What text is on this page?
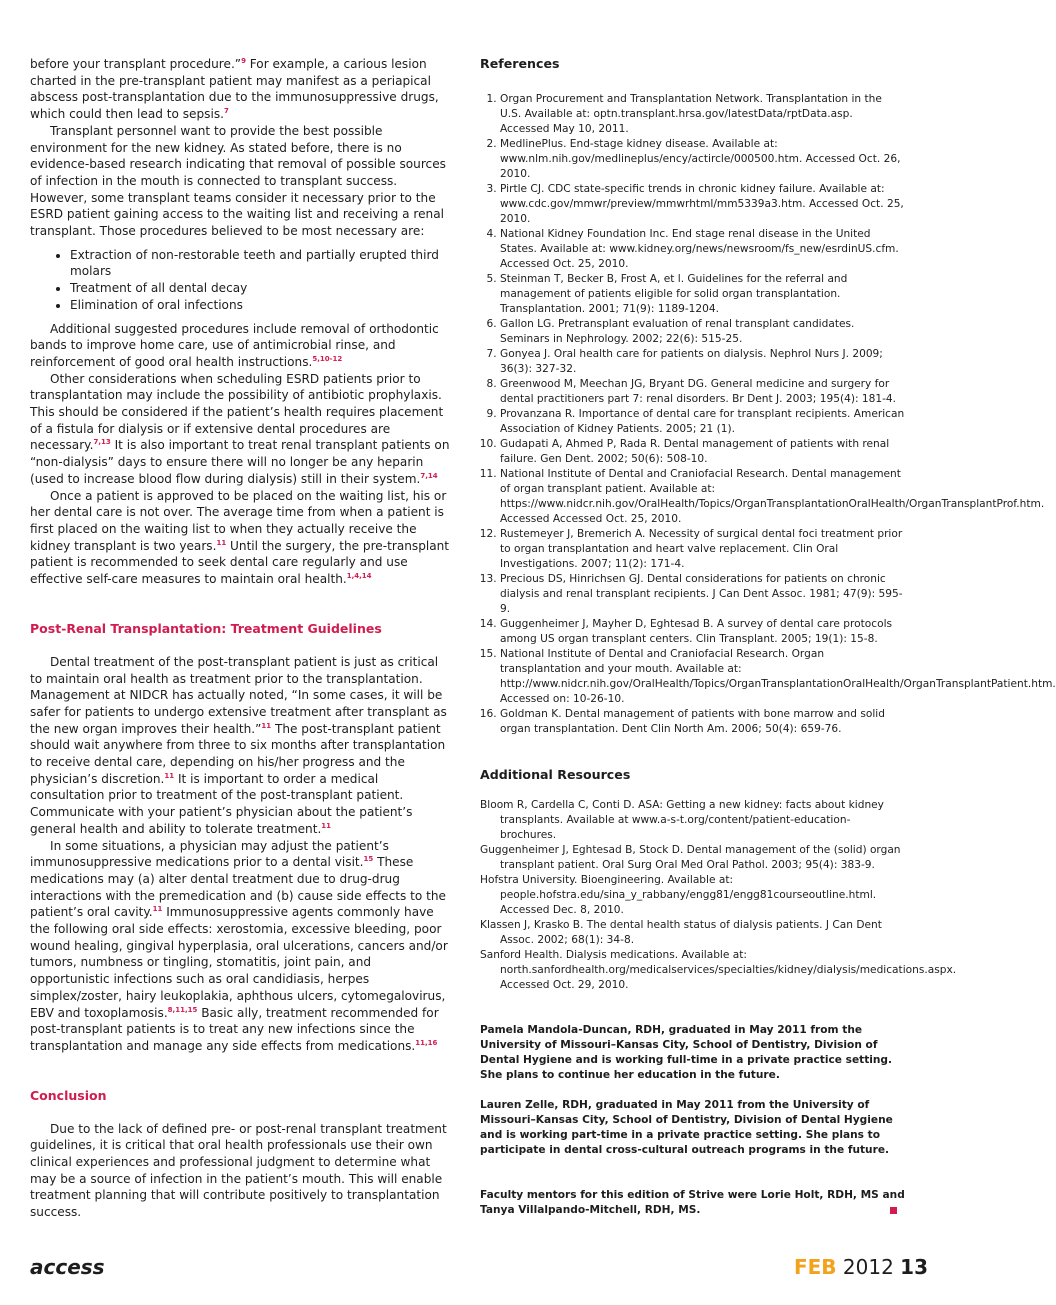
before your transplant procedure.”$^9$ For example, a carious lesion charted in the pre-transplant patient may manifest as a periapical abscess post-transplantation due to the immunosuppressive drugs, which could then lead to sepsis.$^7$

Transplant personnel want to provide the best possible environment for the new kidney. As stated before, there is no evidence-based research indicating that removal of possible sources of infection in the mouth is connected to transplant success. However, some transplant teams consider it necessary prior to the ESRD patient gaining access to the waiting list and receiving a renal transplant. Those procedures believed to be most necessary are:

• Extraction of non-restorable teeth and partially erupted third molars
• Treatment of all dental decay
• Elimination of oral infections

Additional suggested procedures include removal of orthodontic bands to improve home care, use of antimicrobial rinse, and reinforcement of good oral health instructions.$^{5,10-12}$

Other considerations when scheduling ESRD patients prior to transplantation may include the possibility of antibiotic prophylaxis. This should be considered if the patient’s health requires placement of a fistula for dialysis or if extensive dental procedures are necessary.$^{7,13}$ It is also important to treat renal transplant patients on “non-dialysis” days to ensure there will no longer be any heparin (used to increase blood flow during dialysis) still in their system.$^{7,14}$

Once a patient is approved to be placed on the waiting list, his or her dental care is not over. The average time from when a patient is first placed on the waiting list to when they actually receive the kidney transplant is two years.$^{11}$ Until the surgery, the pre-transplant patient is recommended to seek dental care regularly and use effective self-care measures to maintain oral health.$^{1,4,14}$

Post-Renal Transplantation: Treatment Guidelines

Dental treatment of the post-transplant patient is just as critical to maintain oral health as treatment prior to the transplantation. Management at NIDCR has actually noted, “In some cases, it will be safer for patients to undergo extensive treatment after transplant as the new organ improves their health.”$^{11}$ The post-transplant patient should wait anywhere from three to six months after transplantation to receive dental care, depending on his/her progress and the physician’s discretion.$^{11}$ It is important to order a medical consultation prior to treatment of the post-transplant patient. Communicate with your patient’s physician about the patient’s general health and ability to tolerate treatment.$^{11}$

In some situations, a physician may adjust the patient’s immunosuppressive medications prior to a dental visit.$^{15}$ These medications may (a) alter dental treatment due to drug-drug interactions with the premedication and (b) cause side effects to the patient’s oral cavity.$^{11}$ Immunosuppressive agents commonly have the following oral side effects: xerostomia, excessive bleeding, poor wound healing, gingival hyperplasia, oral ulcerations, cancers and/or tumors, numbness or tingling, stomatitis, joint pain, and opportunistic infections such as oral candidiasis, herpes simplex/zoster, hairy leukoplakia, aphthous ulcers, cytomegalovirus, EBV and toxoplamosis.$^{8,11,15}$ Basic ally, treatment recommended for post-transplant patients is to treat any new infections since the transplantation and manage any side effects from medications.$^{11,16}$

Conclusion

Due to the lack of defined pre- or post-renal transplant treatment guidelines, it is critical that oral health professionals use their own clinical experiences and professional judgment to determine what may be a source of infection in the patient’s mouth. This will enable treatment planning that will contribute positively to transplantation success.

References
1. Organ Procurement and Transplantation Network. Transplantation in the U.S. Available at: optn.transplant.hrsa.gov/latestData/rptData.asp. Accessed May 10, 2011.
2. MedlinePlus. End-stage kidney disease. Available at: www.nlm.nih.gov/medlineplus/ency/actircle/000500.htm. Accessed Oct. 26, 2010.
3. Pirtle CJ. CDC state-specific trends in chronic kidney failure. Available at: www.cdc.gov/mmwr/preview/mmwrhtml/mm5339a3.htm. Accessed Oct. 25, 2010.
4. National Kidney Foundation Inc. End stage renal disease in the United States. Available at: www.kidney.org/news/newsroom/fs_new/esrdinUS.cfm. Accessed Oct. 25, 2010.
5. Steinman T, Becker B, Frost A, et l. Guidelines for the referral and management of patients eligible for solid organ transplantation. Transplantation. 2001; 71(9): 1189-1204.
6. Gallon LG. Pretransplant evaluation of renal transplant candidates. Seminars in Nephrology. 2002; 22(6): 515-25.
7. Gonyea J. Oral health care for patients on dialysis. Nephrol Nurs J. 2009; 36(3): 327-32.
8. Greenwood M, Meechan JG, Bryant DG. General medicine and surgery for dental practitioners part 7: renal disorders. Br Dent J. 2003; 195(4): 181-4.
9. Provanzana R. Importance of dental care for transplant recipients. American Association of Kidney Patients. 2005; 21 (1).
10. Gudapati A, Ahmed P, Rada R. Dental management of patients with renal failure. Gen Dent. 2002; 50(6): 508-10.
11. National Institute of Dental and Craniofacial Research. Dental management of organ transplant patient. Available at: https://www.nidcr.nih.gov/OralHealth/Topics/OrganTransplantationOralHealth/OrganTransplantProf.htm. Accessed Accessed Oct. 25, 2010.
12. Rustemeyer J, Bremerich A. Necessity of surgical dental foci treatment prior to organ transplantation and heart valve replacement. Clin Oral Investigations. 2007; 11(2): 171-4.
13. Precious DS, Hinrichsen GJ. Dental considerations for patients on chronic dialysis and renal transplant recipients. J Can Dent Assoc. 1981; 47(9): 595-9.
14. Guggenheimer J, Mayher D, Eghtesad B. A survey of dental care protocols among US organ transplant centers. Clin Transplant. 2005; 19(1): 15-8.
15. National Institute of Dental and Craniofacial Research. Organ transplantation and your mouth. Available at: http://www.nidcr.nih.gov/OralHealth/Topics/OrganTransplantationOralHealth/OrganTransplantPatient.htm. Accessed on: 10-26-10.
16. Goldman K. Dental management of patients with bone marrow and solid organ transplantation. Dent Clin North Am. 2006; 50(4): 659-76.
Additional Resources
Bloom R, Cardella C, Conti D. ASA: Getting a new kidney: facts about kidney transplants. Available at www.a-s-t.org/content/patient-education-brochures.
Guggenheimer J, Eghtesad B, Stock D. Dental management of the (solid) organ transplant patient. Oral Surg Oral Med Oral Pathol. 2003; 95(4): 383-9.
Hofstra University. Bioengineering. Available at: people.hofstra.edu/sina_y_rabbany/engg81/engg81courseoutline.html. Accessed Dec. 8, 2010.
Klassen J, Krasko B. The dental health status of dialysis patients. J Can Dent Assoc. 2002; 68(1): 34-8.
Sanford Health. Dialysis medications. Available at: north.sanfordhealth.org/medicalservices/specialties/kidney/dialysis/medications.aspx. Accessed Oct. 29, 2010.

Pamela Mandola-Duncan, RDH, graduated in May 2011 from the University of Missouri–Kansas City, School of Dentistry, Division of Dental Hygiene and is working full-time in a private practice setting. She plans to continue her education in the future.

Lauren Zelle, RDH, graduated in May 2011 from the University of Missouri–Kansas City, School of Dentistry, Division of Dental Hygiene and is working part-time in a private practice setting. She plans to participate in dental cross-cultural outreach programs in the future.

Faculty mentors for this edition of Strive were Lorie Holt, RDH, MS and Tanya Villalpando-Mitchell, RDH, MS.

access	FEB 2012 13
